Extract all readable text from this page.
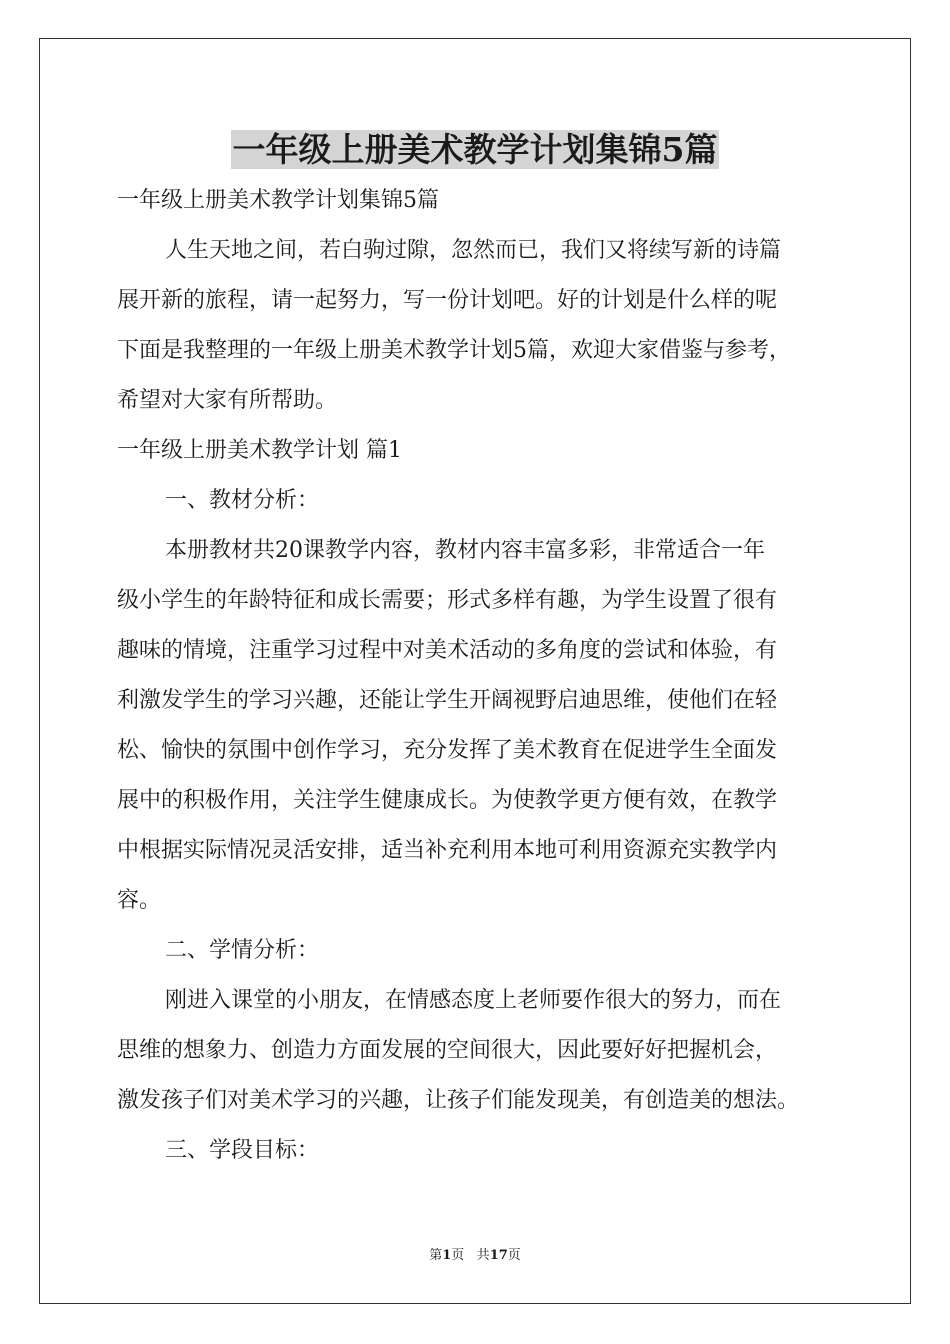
一年级上册美术教学计划集锦5篇

一年级上册美术教学计划集锦5篇

人生天地之间，若白驹过隙，忽然而已，我们又将续写新的诗篇

展开新的旅程，请一起努力，写一份计划吧。好的计划是什么样的呢

下面是我整理的一年级上册美术教学计划5篇，欢迎大家借鉴与参考，

希望对大家有所帮助。

一年级上册美术教学计划 篇1

一、教材分析：

本册教材共20课教学内容，教材内容丰富多彩，非常适合一年

级小学生的年龄特征和成长需要；形式多样有趣，为学生设置了很有

趣味的情境，注重学习过程中对美术活动的多角度的尝试和体验，有

利激发学生的学习兴趣，还能让学生开阔视野启迪思维，使他们在轻

松、愉快的氛围中创作学习，充分发挥了美术教育在促进学生全面发

展中的积极作用，关注学生健康成长。为使教学更方便有效，在教学

中根据实际情况灵活安排，适当补充利用本地可利用资源充实教学内

容。

二、学情分析：

刚进入课堂的小朋友，在情感态度上老师要作很大的努力，而在

思维的想象力、创造力方面发展的空间很大，因此要好好把握机会，

激发孩子们对美术学习的兴趣，让孩子们能发现美，有创造美的想法。

三、学段目标：

第1页 共17页
